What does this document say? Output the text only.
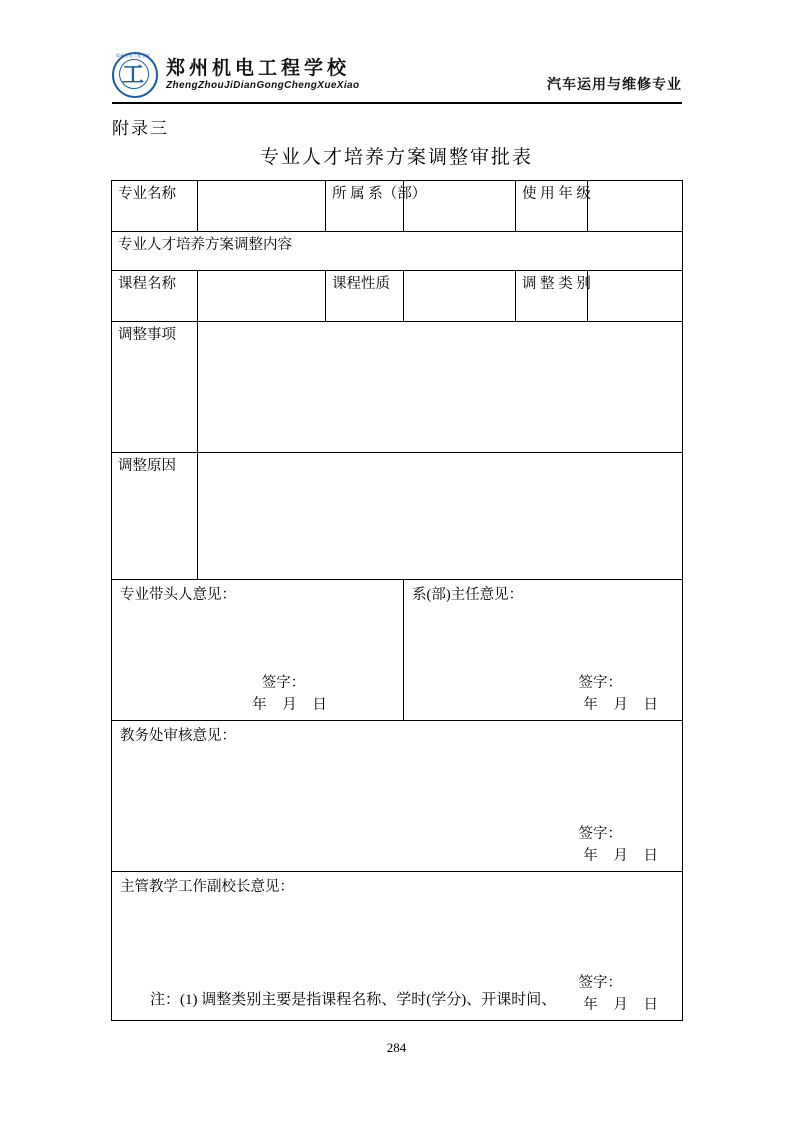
郑州机电工程学校
工	郑州机电工程学校
ZhengZhouJiDianGongChengXueXiao	汽车运用与维修专业
附录三
专业人才培养方案调整审批表
专业名称		所 属 系（部）		使 用 年 级	
专业人才培养方案调整内容					
课程名称		课程性质		调 整 类 别	
调整事项					
调整原因					

专业带头人意见：
签字：
年 月 日

系(部)主任意见：
签字：
年 月 日

教务处审核意见：
签字：
年 月 日					

主管教学工作副校长意见：
签字：
年 月 日					
注：(1) 调整类别主要是指课程名称、学时(学分)、开课时间、
284
